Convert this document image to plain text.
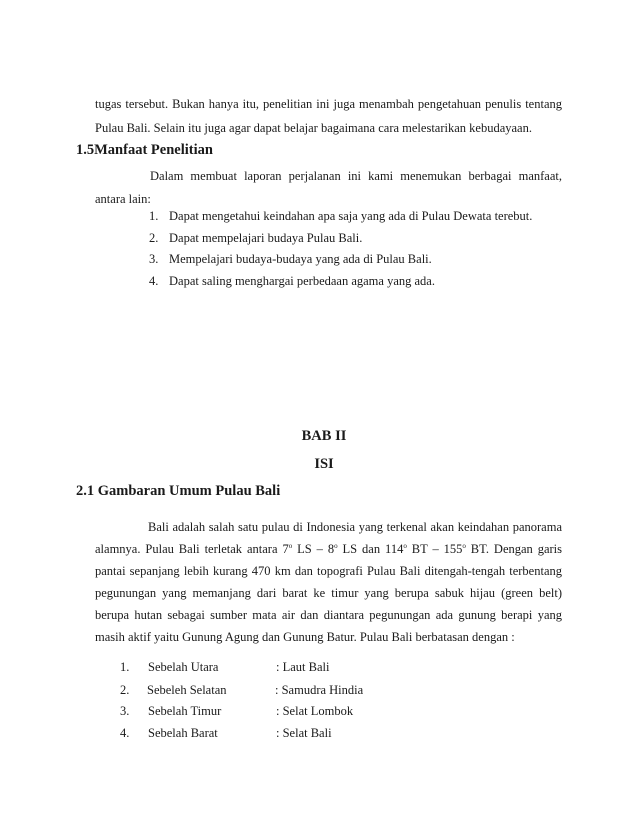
tugas tersebut. Bukan hanya itu, penelitian ini juga menambah pengetahuan penulis tentang
Pulau Bali. Selain itu juga agar dapat belajar bagaimana cara melestarikan kebudayaan.
1.5Manfaat Penelitian
Dalam membuat laporan perjalanan ini kami menemukan berbagai manfaat,
antara lain:
1. Dapat mengetahui keindahan apa saja yang ada di Pulau Dewata terebut.
2. Dapat mempelajari budaya Pulau Bali.
3. Mempelajari budaya-budaya yang ada di Pulau Bali.
4. Dapat saling menghargai perbedaan agama yang ada.
BAB II
ISI
2.1 Gambaran Umum Pulau Bali
Bali adalah salah satu pulau di Indonesia yang terkenal akan keindahan panorama
alamnya. Pulau Bali terletak antara 7$^o$ LS – 8$^o$ LS dan 114$^o$ BT – 155$^o$ BT. Dengan garis
pantai sepanjang lebih kurang 470 km dan topografi Pulau Bali ditengah-tengah terbentang
pegunungan yang memanjang dari barat ke timur yang berupa sabuk hijau (green belt)
berupa hutan sebagai sumber mata air dan diantara pegunungan ada gunung berapi yang
masih aktif yaitu Gunung Agung dan Gunung Batur. Pulau Bali berbatasan dengan :
1. Sebelah Utara	: Laut Bali
2. Sebeleh Selatan	: Samudra Hindia
3. Sebelah Timur	: Selat Lombok
4. Sebelah Barat	: Selat Bali
